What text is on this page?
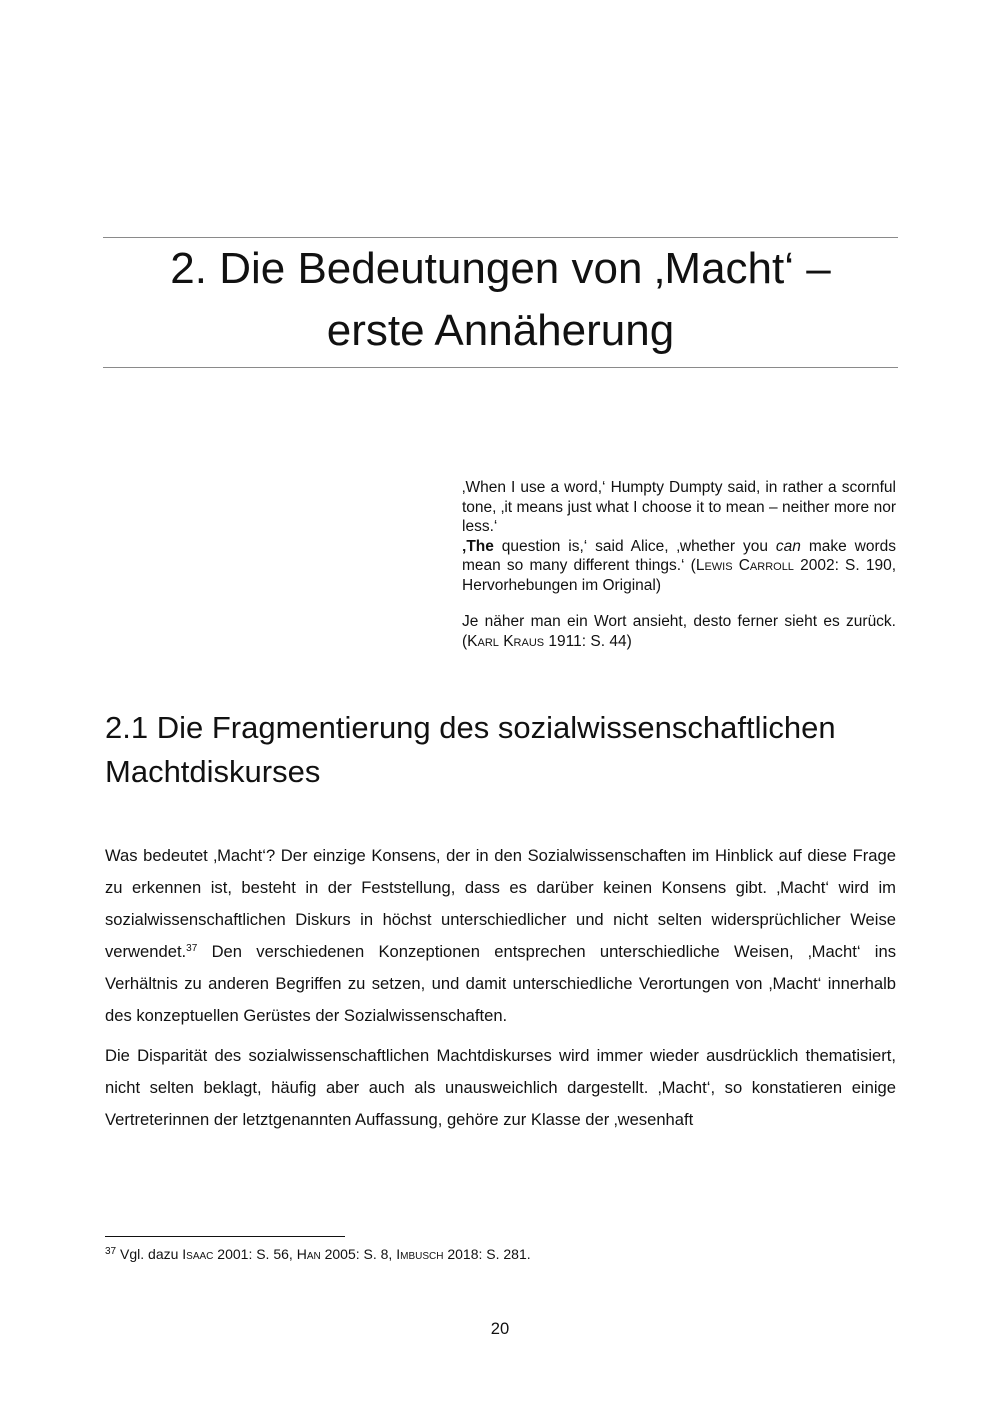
2. Die Bedeutungen von ‚Macht‘ –
erste Annäherung

‚When I use a word,‘ Humpty Dumpty said, in rather a scornful tone, ‚it means just what I choose it to mean – neither more nor less.‘

‚The question is,‘ said Alice, ‚whether you can make words mean so many different things.‘ (Lewis Carroll 2002: S. 190, Hervorhebungen im Original)

Je näher man ein Wort ansieht, desto ferner sieht es zurück. (Karl Kraus 1911: S. 44)

2.1 Die Fragmentierung des sozialwissenschaftlichen
Machtdiskurses

Was bedeutet ‚Macht‘? Der einzige Konsens, der in den Sozialwissenschaften im Hinblick auf diese Frage zu erkennen ist, besteht in der Feststellung, dass es darüber keinen Konsens gibt. ‚Macht‘ wird im sozialwissenschaftlichen Diskurs in höchst unterschiedlicher und nicht selten widersprüchlicher Weise verwendet.$^{37}$ Den verschiedenen Konzeptionen entsprechen unterschiedliche Weisen, ‚Macht‘ ins Verhältnis zu anderen Begriffen zu setzen, und damit unterschiedliche Verortungen von ‚Macht‘ innerhalb des konzeptuellen Gerüstes der Sozialwissenschaften.

Die Disparität des sozialwissenschaftlichen Machtdiskurses wird immer wieder ausdrücklich thematisiert, nicht selten beklagt, häufig aber auch als unausweichlich dargestellt. ‚Macht‘, so konstatieren einige Vertreterinnen der letztgenannten Auffassung, gehöre zur Klasse der ‚wesenhaft

$^{37}$ Vgl. dazu Isaac 2001: S. 56, Han 2005: S. 8, Imbusch 2018: S. 281.
20
